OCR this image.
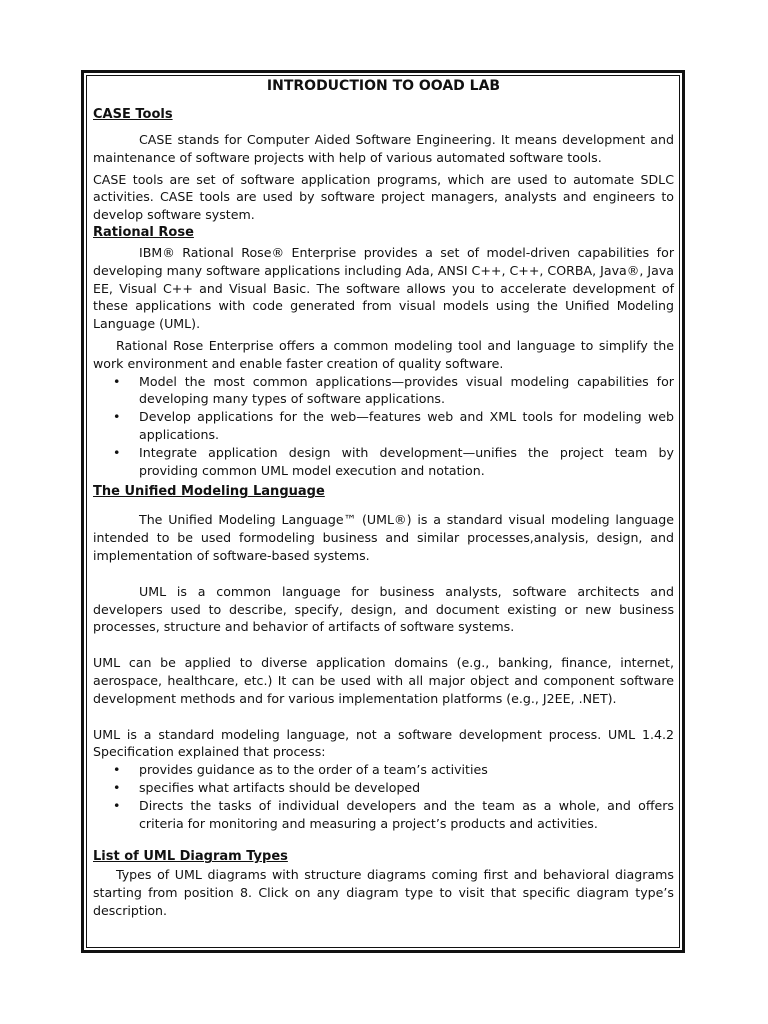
INTRODUCTION TO OOAD LAB
CASE Tools

CASE stands for Computer Aided Software Engineering. It means development and maintenance of software projects with help of various automated software tools.

CASE tools are set of software application programs, which are used to automate SDLC activities. CASE tools are used by software project managers, analysts and engineers to develop software system.

Rational Rose

IBM® Rational Rose® Enterprise provides a set of model-driven capabilities for developing many software applications including Ada, ANSI C++, C++, CORBA, Java®, Java EE, Visual C++ and Visual Basic. The software allows you to accelerate development of these applications with code generated from visual models using the Unified Modeling Language (UML).

Rational Rose Enterprise offers a common modeling tool and language to simplify the work environment and enable faster creation of quality software.

• Model the most common applications—provides visual modeling capabilities for developing many types of software applications.
• Develop applications for the web—features web and XML tools for modeling web applications.
• Integrate application design with development—unifies the project team by providing common UML model execution and notation.
The Unified Modeling Language

The Unified Modeling Language™ (UML®) is a standard visual modeling language intended to be used formodeling business and similar processes,analysis, design, and implementation of software-based systems.

UML is a common language for business analysts, software architects and developers used to describe, specify, design, and document existing or new business processes, structure and behavior of artifacts of software systems.

UML can be applied to diverse application domains (e.g., banking, finance, internet, aerospace, healthcare, etc.) It can be used with all major object and component software development methods and for various implementation platforms (e.g., J2EE, .NET).

UML is a standard modeling language, not a software development process. UML 1.4.2 Specification explained that process:

• provides guidance as to the order of a team’s activities
• specifies what artifacts should be developed
• Directs the tasks of individual developers and the team as a whole, and offers criteria for monitoring and measuring a project’s products and activities.
List of UML Diagram Types

Types of UML diagrams with structure diagrams coming first and behavioral diagrams starting from position 8. Click on any diagram type to visit that specific diagram type’s description.
